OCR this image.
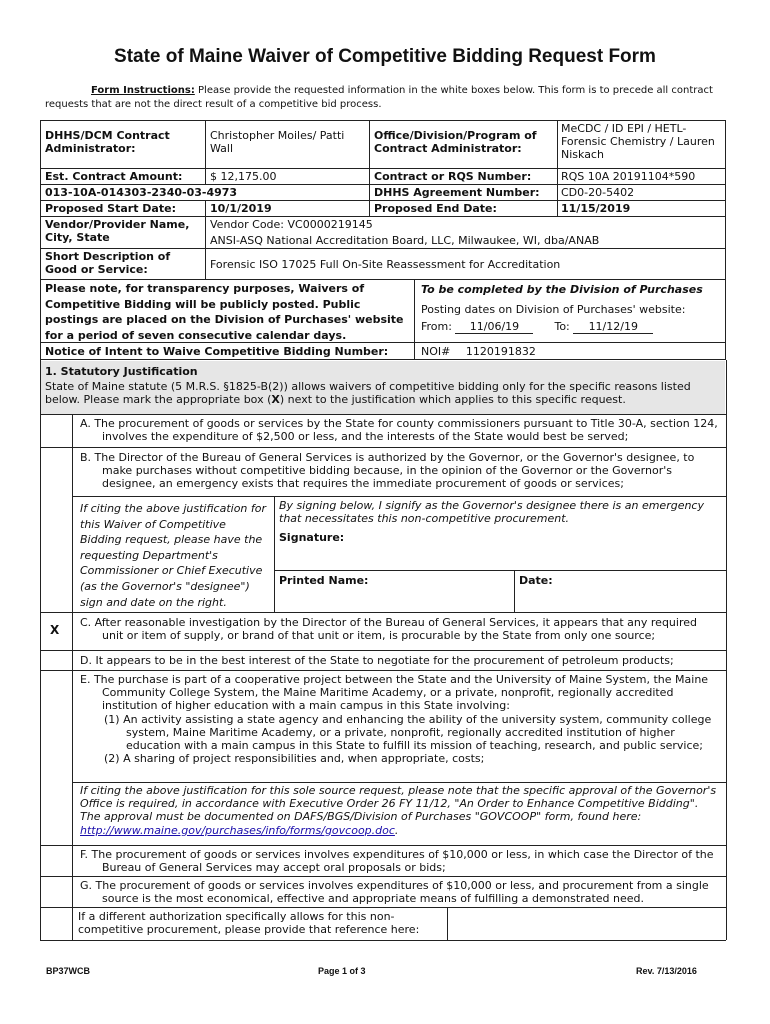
State of Maine Waiver of Competitive Bidding Request Form
Form Instructions: Please provide the requested information in the white boxes below. This form is to precede all contract requests that are not the direct result of a competitive bid process.
DHHS/DCM Contract Administrator:
Christopher Moiles/ Patti Wall
Office/Division/Program of Contract Administrator:
MeCDC / ID EPI / HETL- Forensic Chemistry / Lauren Niskach
Est. Contract Amount:	$ 12,175.00	Contract or RQS Number:	RQS 10A 20191104*590
013-10A-014303-2340-03-4973	DHHS Agreement Number: CD0-20-5402
Proposed Start Date:	10/1/2019	Proposed End Date:	11/15/2019
Vendor/Provider Name, City, State
Vendor Code: VC0000219145
ANSI-ASQ National Accreditation Board, LLC, Milwaukee, WI, dba/ANAB
Short Description of Good or Service:	Forensic ISO 17025 Full On-Site Reassessment for Accreditation
Please note, for transparency purposes, Waivers of Competitive Bidding will be publicly posted. Public postings are placed on the Division of Purchases' website for a period of seven consecutive calendar days.
To be completed by the Division of Purchases
Posting dates on Division of Purchases' website:
From: 11/06/19	To: 11/12/19
Notice of Intent to Waive Competitive Bidding Number:	NOI# 1120191832
1. Statutory Justification
State of Maine statute (5 M.R.S. §1825-B(2)) allows waivers of competitive bidding only for the specific reasons listed below. Please mark the appropriate box (X) next to the justification which applies to this specific request.
A. The procurement of goods or services by the State for county commissioners pursuant to Title 30-A, section 124, involves the expenditure of $2,500 or less, and the interests of the State would best be served;
B. The Director of the Bureau of General Services is authorized by the Governor, or the Governor's designee, to make purchases without competitive bidding because, in the opinion of the Governor or the Governor's designee, an emergency exists that requires the immediate procurement of goods or services;
If citing the above justification for this Waiver of Competitive Bidding request, please have the requesting Department's Commissioner or Chief Executive (as the Governor's "designee") sign and date on the right.
By signing below, I signify as the Governor's designee there is an emergency that necessitates this non-competitive procurement.
Signature:
Printed Name:	Date:
X
C. After reasonable investigation by the Director of the Bureau of General Services, it appears that any required unit or item of supply, or brand of that unit or item, is procurable by the State from only one source;
D. It appears to be in the best interest of the State to negotiate for the procurement of petroleum products;
E. The purchase is part of a cooperative project between the State and the University of Maine System, the Maine Community College System, the Maine Maritime Academy, or a private, nonprofit, regionally accredited institution of higher education with a main campus in this State involving:
(1) An activity assisting a state agency and enhancing the ability of the university system, community college system, Maine Maritime Academy, or a private, nonprofit, regionally accredited institution of higher education with a main campus in this State to fulfill its mission of teaching, research, and public service;
(2) A sharing of project responsibilities and, when appropriate, costs;
If citing the above justification for this sole source request, please note that the specific approval of the Governor's Office is required, in accordance with Executive Order 26 FY 11/12, "An Order to Enhance Competitive Bidding". The approval must be documented on DAFS/BGS/Division of Purchases "GOVCOOP" form, found here: http://www.maine.gov/purchases/info/forms/govcoop.doc.
F. The procurement of goods or services involves expenditures of $10,000 or less, in which case the Director of the Bureau of General Services may accept oral proposals or bids;
G. The procurement of goods or services involves expenditures of $10,000 or less, and procurement from a single source is the most economical, effective and appropriate means of fulfilling a demonstrated need.
If a different authorization specifically allows for this non-competitive procurement, please provide that reference here:
BP37WCB	Page 1 of 3	Rev. 7/13/2016
